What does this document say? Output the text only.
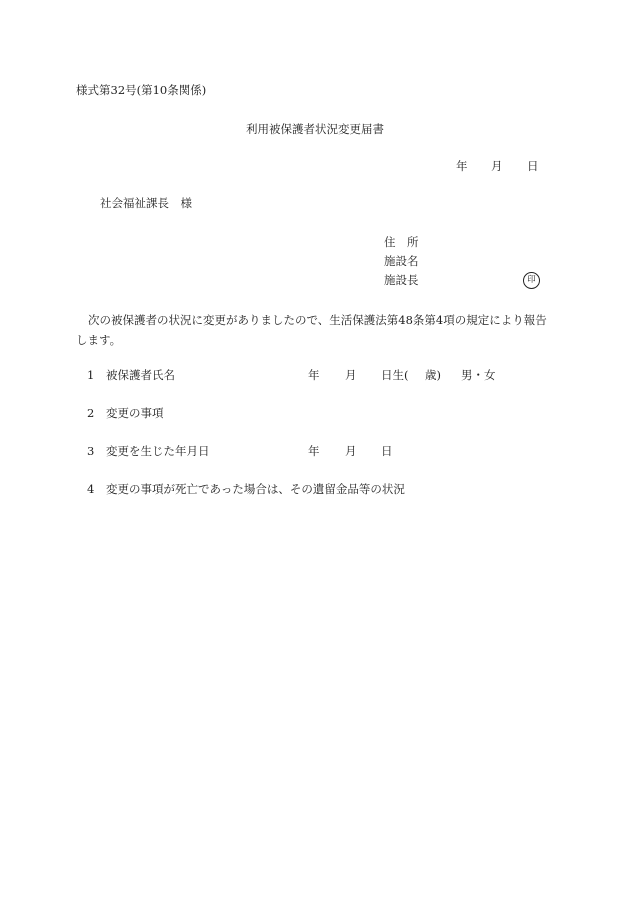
様式第32号(第10条関係)
利用被保護者状況変更届書
年 月 日
社会福祉課長　様
住　所
施設名
施設長	印
次の被保護者の状況に変更がありましたので、生活保護法第48条第4項の規定により報告します。
1 被保護者氏名	年 月 日生( 歳) 男・女
2 変更の事項
3 変更を生じた年月日	年 月 日
4 変更の事項が死亡であった場合は、その遺留金品等の状況
